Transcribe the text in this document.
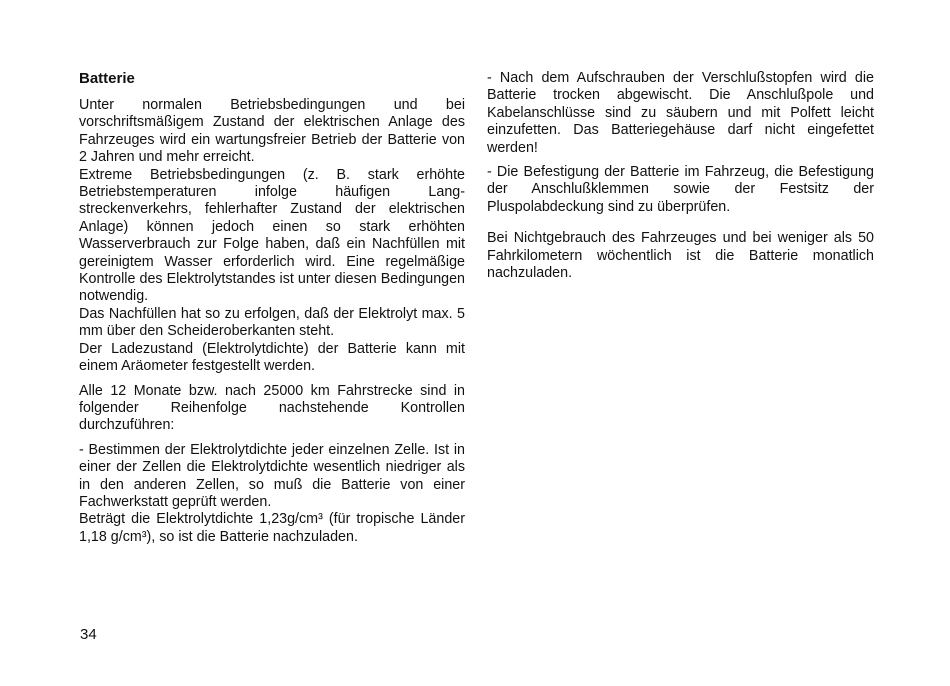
Batterie

Unter normalen Betriebsbedingungen und bei vorschriftsmäßigem Zustand der elektrischen Anlage des Fahrzeuges wird ein wartungsfreier Betrieb der Batterie von 2 Jahren und mehr erreicht.

Extreme Betriebsbedingungen (z. B. stark erhöhte Betriebstemperaturen infolge häufigen Langstreckenverkehrs, fehlerhafter Zustand der elektrischen Anlage) können jedoch einen so stark erhöhten Wasserverbrauch zur Folge haben, daß ein Nachfüllen mit gereinigtem Wasser erforderlich wird. Eine regelmäßige Kontrolle des Elektrolytstandes ist unter diesen Bedingungen notwendig.

Das Nachfüllen hat so zu erfolgen, daß der Elektrolyt max. 5 mm über den Scheideroberkanten steht.

Der Ladezustand (Elektrolytdichte) der Batterie kann mit einem Aräometer festgestellt werden.

Alle 12 Monate bzw. nach 25000 km Fahrstrecke sind in folgender Reihenfolge nachstehende Kontrollen durchzuführen:

- Bestimmen der Elektrolytdichte jeder einzelnen Zelle. Ist in einer der Zellen die Elektrolytdichte wesentlich niedriger als in den anderen Zellen, so muß die Batterie von einer Fachwerkstatt geprüft werden.

Beträgt die Elektrolytdichte 1,23g/cm³ (für tropische Länder 1,18 g/cm³), so ist die Batterie nachzuladen.

- Nach dem Aufschrauben der Verschlußstopfen wird die Batterie trocken abgewischt. Die Anschlußpole und Kabelanschlüsse sind zu säubern und mit Polfett leicht einzufetten. Das Batteriegehäuse darf nicht eingefettet werden!

- Die Befestigung der Batterie im Fahrzeug, die Befestigung der Anschlußklemmen sowie der Festsitz der Pluspolabdeckung sind zu überprüfen.

Bei Nichtgebrauch des Fahrzeuges und bei weniger als 50 Fahrkilometern wöchentlich ist die Batterie monatlich nachzuladen.

34
